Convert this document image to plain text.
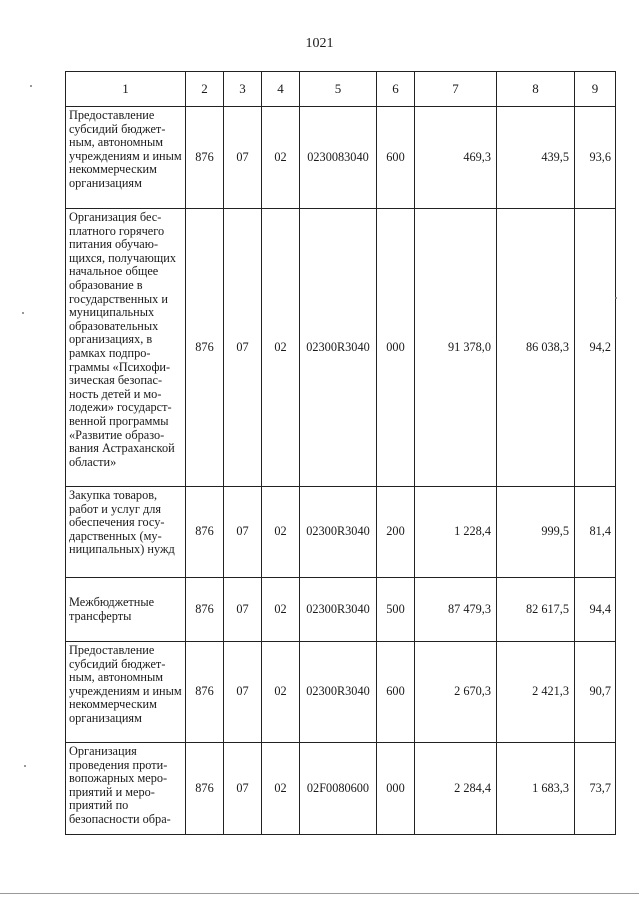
1021
1	2	3	4	5	6	7	8	9
Предоставление субсидий бюджетным, автономным учреждениям и иным некоммерческим организациям	876	07	02	0230083040	600	469,3	439,5	93,6
Организация бесплатного горячего питания обучающихся, получающих начальное общее образование в государственных и муниципальных образовательных организациях, в рамках подпрограммы «Психофизическая безопасность детей и молодежи» государственной программы «Развитие образования Астраханской области»	876	07	02	02300R3040	000	91 378,0	86 038,3	94,2
Закупка товаров, работ и услуг для обеспечения государственных (муниципальных) нужд	876	07	02	02300R3040	200	1 228,4	999,5	81,4
Межбюджетные трансферты	876	07	02	02300R3040	500	87 479,3	82 617,5	94,4
Предоставление субсидий бюджетным, автономным учреждениям и иным некоммерческим организациям	876	07	02	02300R3040	600	2 670,3	2 421,3	90,7
Организация проведения противопожарных мероприятий и мероприятий по безопасности обра-	876	07	02	02F0080600	000	2 284,4	1 683,3	73,7
